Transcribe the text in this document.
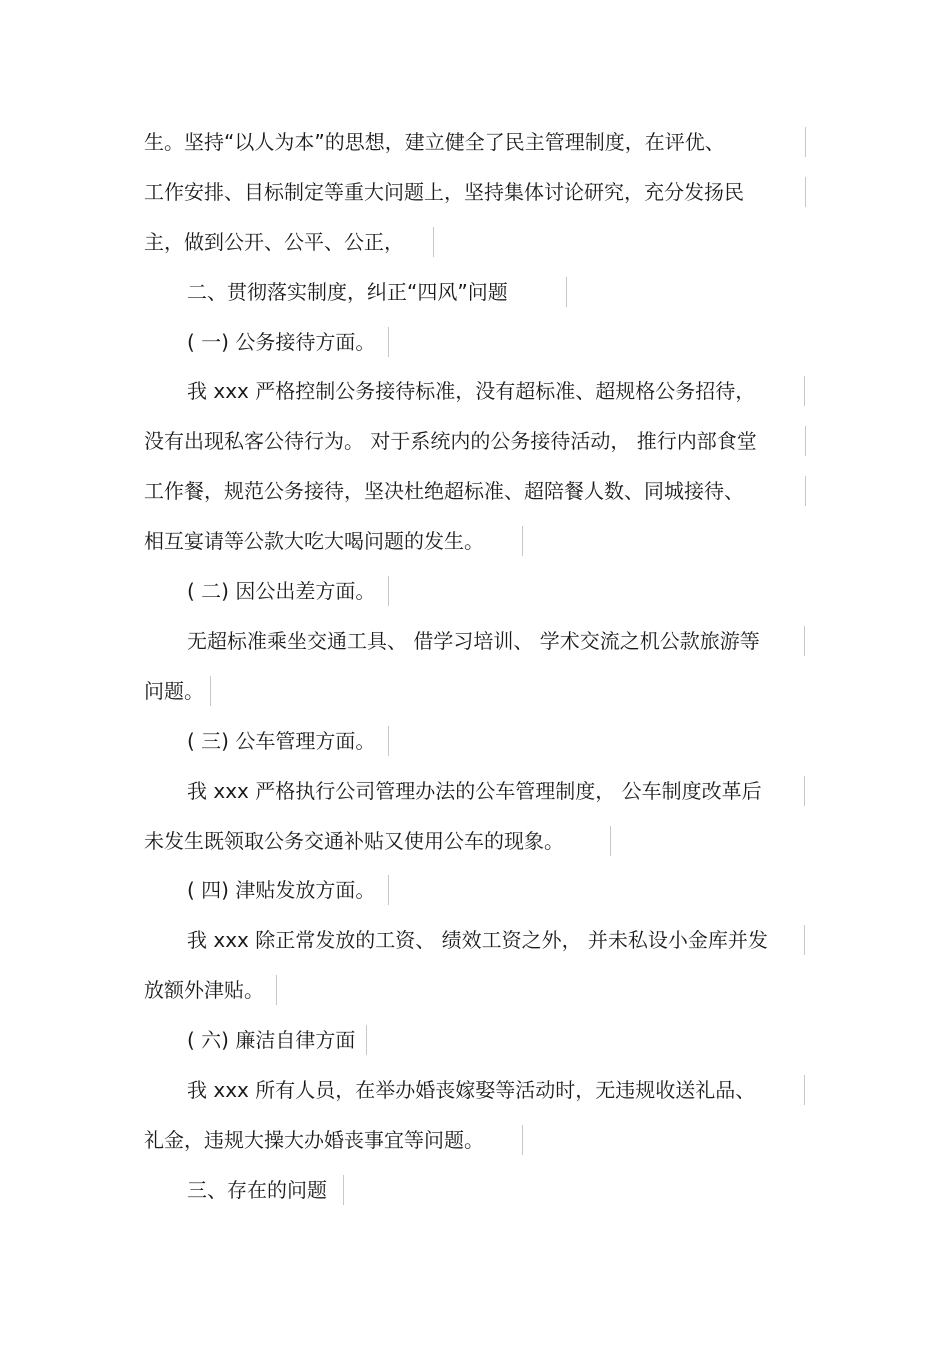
生。坚持“以人为本”的思想，建立健全了民主管理制度，在评优、
工作安排、目标制定等重大问题上，坚持集体讨论研究，充分发扬民
主，做到公开、公平、公正，
二、贯彻落实制度，纠正“四风”问题
( 一) 公务接待方面。
我 xxx 严格控制公务接待标准，没有超标准、超规格公务招待，
没有出现私客公待行为。 对于系统内的公务接待活动， 推行内部食堂
工作餐，规范公务接待，坚决杜绝超标准、超陪餐人数、同城接待、
相互宴请等公款大吃大喝问题的发生。
( 二) 因公出差方面。
无超标准乘坐交通工具、 借学习培训、 学术交流之机公款旅游等
问题。
( 三) 公车管理方面。
我 xxx 严格执行公司管理办法的公车管理制度， 公车制度改革后
未发生既领取公务交通补贴又使用公车的现象。
( 四) 津贴发放方面。
我 xxx 除正常发放的工资、 绩效工资之外， 并未私设小金库并发
放额外津贴。
( 六) 廉洁自律方面
我 xxx 所有人员，在举办婚丧嫁娶等活动时，无违规收送礼品、
礼金，违规大操大办婚丧事宜等问题。
三、存在的问题
